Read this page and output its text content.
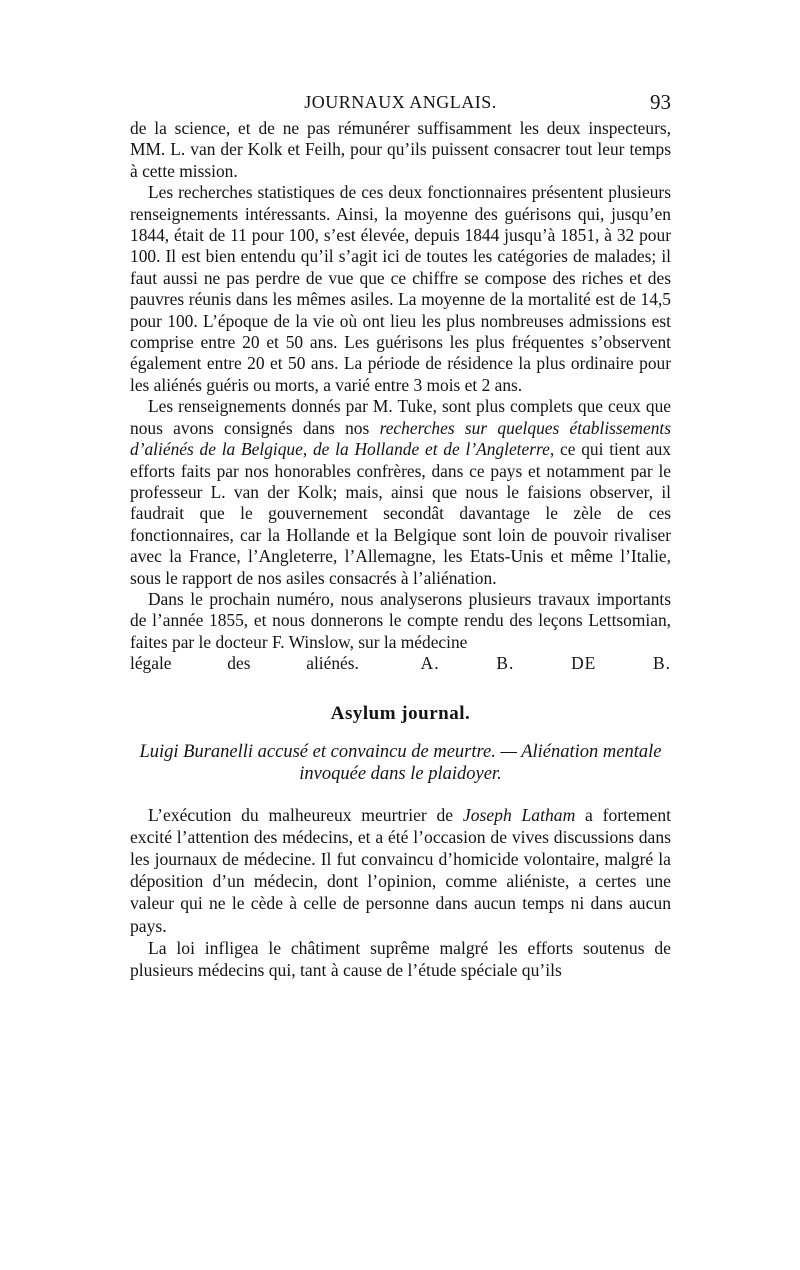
JOURNAUX ANGLAIS.	93

de la science, et de ne pas rémunérer suffisamment les deux inspecteurs, MM. L. van der Kolk et Feilh, pour qu’ils puissent consacrer tout leur temps à cette mission.

Les recherches statistiques de ces deux fonctionnaires présentent plusieurs renseignements intéressants. Ainsi, la moyenne des guérisons qui, jusqu’en 1844, était de 11 pour 100, s’est élevée, depuis 1844 jusqu’à 1851, à 32 pour 100. Il est bien entendu qu’il s’agit ici de toutes les catégories de malades; il faut aussi ne pas perdre de vue que ce chiffre se compose des riches et des pauvres réunis dans les mêmes asiles. La moyenne de la mortalité est de 14,5 pour 100. L’époque de la vie où ont lieu les plus nombreuses admissions est comprise entre 20 et 50 ans. Les guérisons les plus fréquentes s’observent également entre 20 et 50 ans. La période de résidence la plus ordinaire pour les aliénés guéris ou morts, a varié entre 3 mois et 2 ans.

Les renseignements donnés par M. Tuke, sont plus complets que ceux que nous avons consignés dans nos recherches sur quelques établissements d’aliénés de la Belgique, de la Hollande et de l’Angleterre, ce qui tient aux efforts faits par nos honorables confrères, dans ce pays et notamment par le professeur L. van der Kolk; mais, ainsi que nous le faisions observer, il faudrait que le gouvernement secondât davantage le zèle de ces fonctionnaires, car la Hollande et la Belgique sont loin de pouvoir rivaliser avec la France, l’Angleterre, l’Allemagne, les Etats-Unis et même l’Italie, sous le rapport de nos asiles consacrés à l’aliénation.

Dans le prochain numéro, nous analyserons plusieurs travaux importants de l’année 1855, et nous donnerons le compte rendu des leçons Lettsomian, faites par le docteur F. Winslow, sur la médecine

légale des aliénés.	A. B. DE B.

Asylum journal.
Luigi Buranelli accusé et convaincu de meurtre. — Aliénation mentale invoquée dans le plaidoyer.

L’exécution du malheureux meurtrier de Joseph Latham a fortement excité l’attention des médecins, et a été l’occasion de vives discussions dans les journaux de médecine. Il fut convaincu d’homicide volontaire, malgré la déposition d’un médecin, dont l’opinion, comme aliéniste, a certes une valeur qui ne le cède à celle de personne dans aucun temps ni dans aucun pays.

La loi infligea le châtiment suprême malgré les efforts soutenus de plusieurs médecins qui, tant à cause de l’étude spéciale qu’ils
